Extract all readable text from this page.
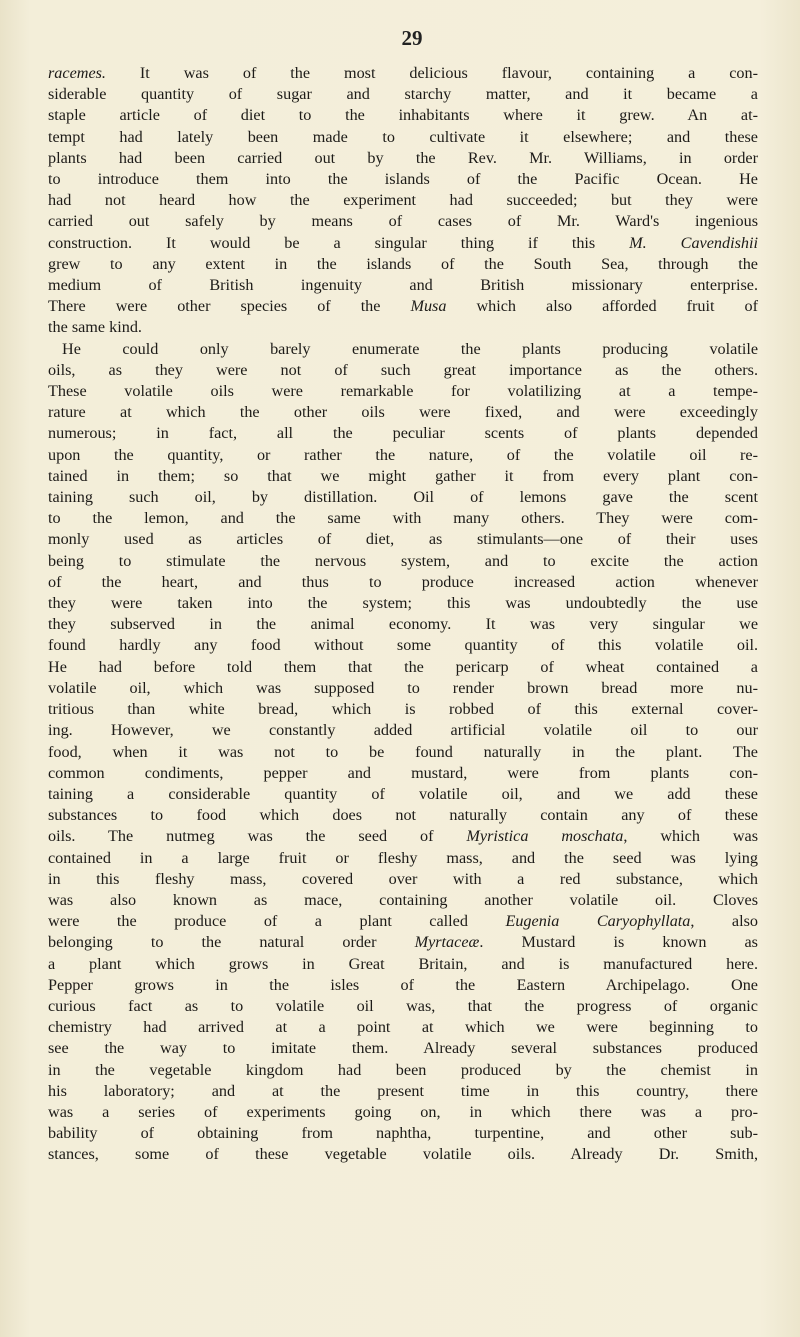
29
racemes. It was of the most delicious flavour, containing a con-
siderable quantity of sugar and starchy matter, and it became a
staple article of diet to the inhabitants where it grew. An at-
tempt had lately been made to cultivate it elsewhere; and these
plants had been carried out by the Rev. Mr. Williams, in order
to introduce them into the islands of the Pacific Ocean. He
had not heard how the experiment had succeeded; but they were
carried out safely by means of cases of Mr. Ward's ingenious
construction. It would be a singular thing if this M. Cavendishii
grew to any extent in the islands of the South Sea, through the
medium of British ingenuity and British missionary enterprise.
There were other species of the Musa which also afforded fruit of
the same kind.
He could only barely enumerate the plants producing volatile
oils, as they were not of such great importance as the others.
These volatile oils were remarkable for volatilizing at a tempe-
rature at which the other oils were fixed, and were exceedingly
numerous; in fact, all the peculiar scents of plants depended
upon the quantity, or rather the nature, of the volatile oil re-
tained in them; so that we might gather it from every plant con-
taining such oil, by distillation. Oil of lemons gave the scent
to the lemon, and the same with many others. They were com-
monly used as articles of diet, as stimulants—one of their uses
being to stimulate the nervous system, and to excite the action
of the heart, and thus to produce increased action whenever
they were taken into the system; this was undoubtedly the use
they subserved in the animal economy. It was very singular we
found hardly any food without some quantity of this volatile oil.
He had before told them that the pericarp of wheat contained a
volatile oil, which was supposed to render brown bread more nu-
tritious than white bread, which is robbed of this external cover-
ing. However, we constantly added artificial volatile oil to our
food, when it was not to be found naturally in the plant. The
common condiments, pepper and mustard, were from plants con-
taining a considerable quantity of volatile oil, and we add these
substances to food which does not naturally contain any of these
oils. The nutmeg was the seed of Myristica moschata, which was
contained in a large fruit or fleshy mass, and the seed was lying
in this fleshy mass, covered over with a red substance, which
was also known as mace, containing another volatile oil. Cloves
were the produce of a plant called Eugenia Caryophyllata, also
belonging to the natural order Myrtaceæ. Mustard is known as
a plant which grows in Great Britain, and is manufactured here.
Pepper grows in the isles of the Eastern Archipelago. One
curious fact as to volatile oil was, that the progress of organic
chemistry had arrived at a point at which we were beginning to
see the way to imitate them. Already several substances produced
in the vegetable kingdom had been produced by the chemist in
his laboratory; and at the present time in this country, there
was a series of experiments going on, in which there was a pro-
bability of obtaining from naphtha, turpentine, and other sub-
stances, some of these vegetable volatile oils. Already Dr. Smith,
